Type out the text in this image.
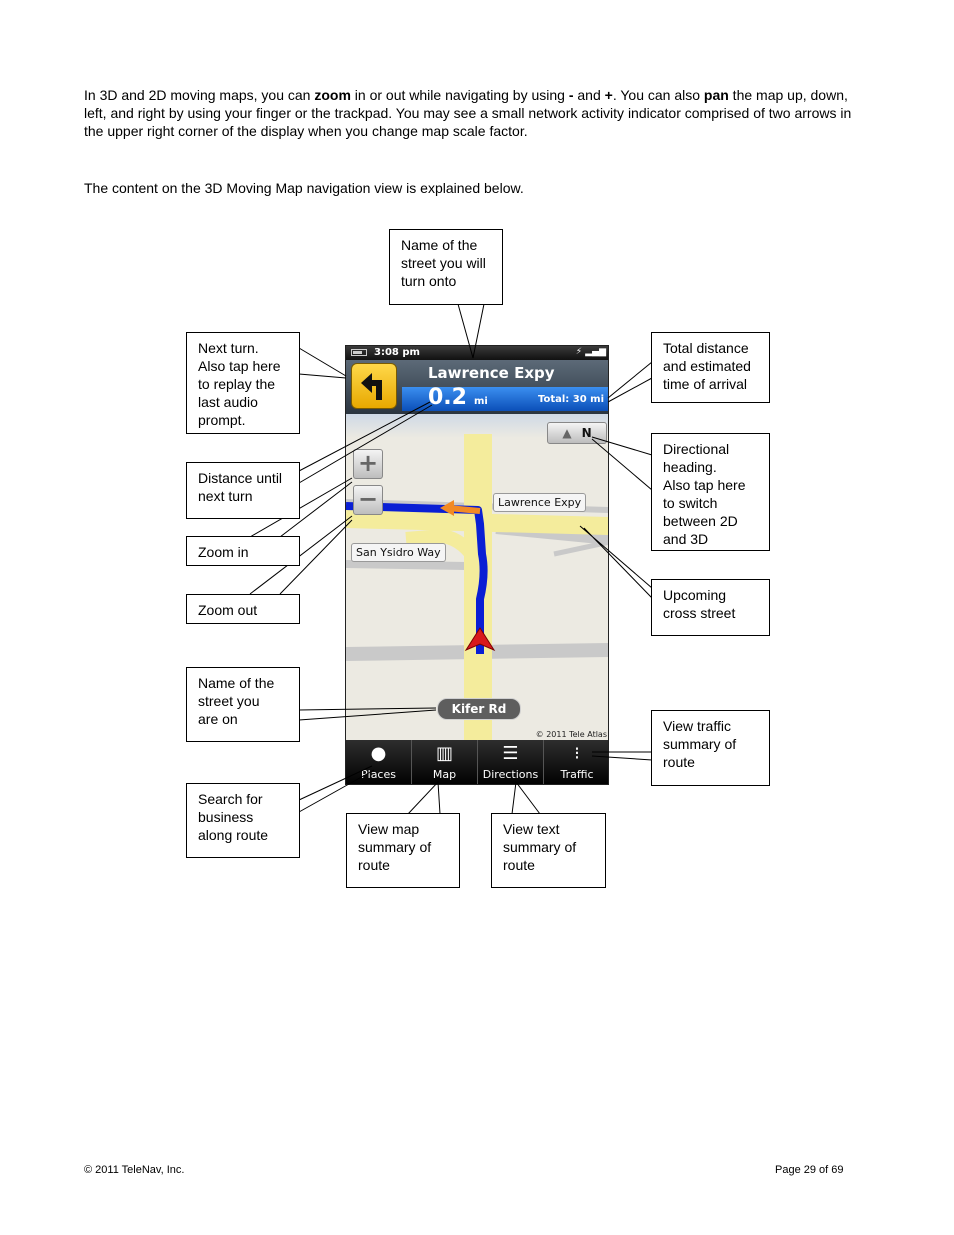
In 3D and 2D moving maps, you can zoom in or out while navigating by using - and +. You can also pan the map up, down, left, and right by using your finger or the trackpad. You may see a small network activity indicator comprised of two arrows in the upper right corner of the display when you change map scale factor.

The content on the 3D Moving Map navigation view is explained below.

3:08 pm	⚡ ▂▄▆
Lawrence Expy
0.2 mi	Total: 30 mi
+
−
▲ N
Lawrence Expy
San Ysidro Way
Kifer Rd
© 2011 Tele Atlas
●
Places
▥
Map
☰
Directions
⁝
Traffic
Name of the
street you will
turn onto
Next turn.
Also tap here
to replay the
last audio
prompt.
Total distance
and estimated
time of arrival
Distance until
next turn
Directional
heading.
Also tap here
to switch
between 2D
and 3D
Zoom in
Upcoming
cross street
Zoom out
Name of the
street you
are on	View traffic
summary of
route
Search for
business
along route	View map
summary of
route
View text
summary of
route
© 2011 TeleNav, Inc.	Page 29 of 69
